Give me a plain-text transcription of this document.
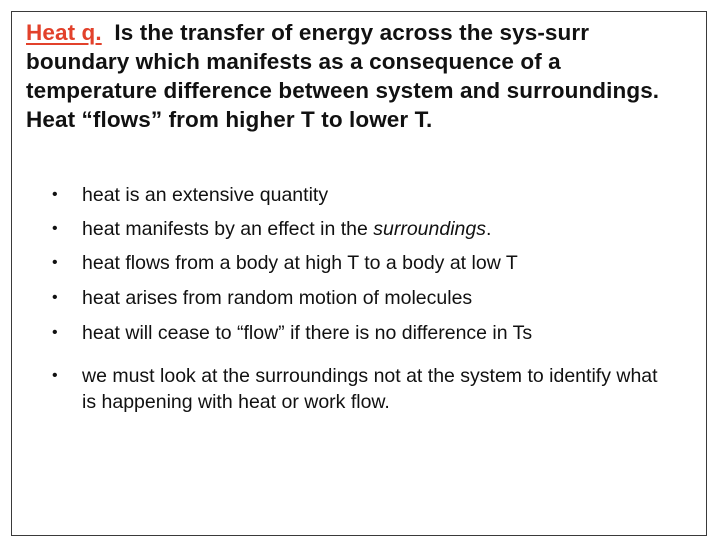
Heat q. Is the transfer of energy across the sys-surr boundary which manifests as a consequence of a temperature difference between system and surroundings. Heat “flows” from higher T to lower T.
•	heat is an extensive quantity
•	heat manifests by an effect in the surroundings.
•	heat flows from a body at high T to a body at low T
•	heat arises from random motion of molecules
•	heat will cease to “flow” if there is no difference in Ts
•	we must look at the surroundings not at the system to identify what is happening with heat or work flow.
